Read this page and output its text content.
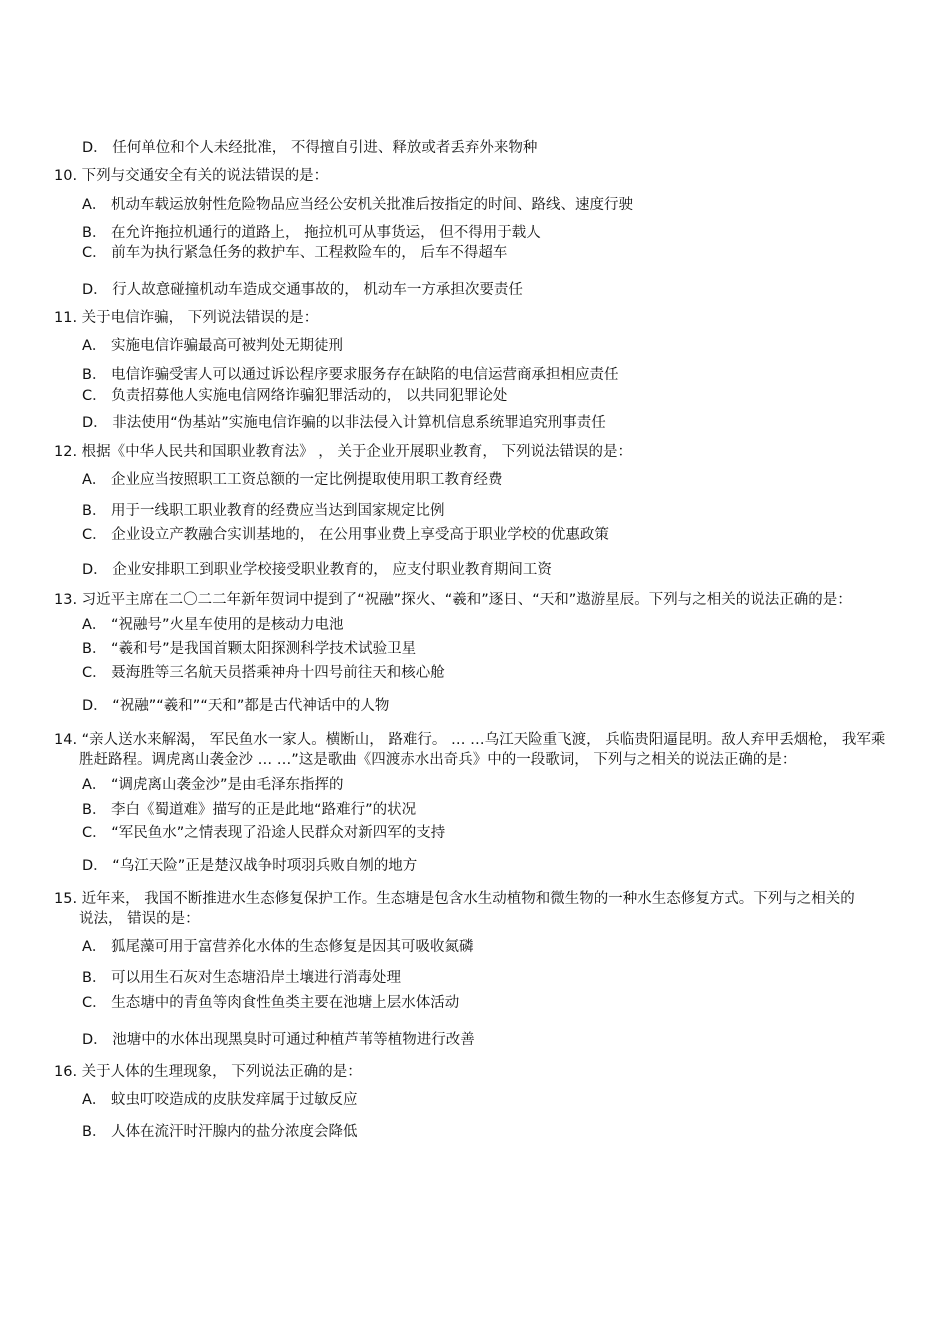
D． 任何单位和个人未经批准， 不得擅自引进、释放或者丢弃外来物种
10. 下列与交通安全有关的说法错误的是：
A． 机动车载运放射性危险物品应当经公安机关批准后按指定的时间、路线、速度行驶
B． 在允许拖拉机通行的道路上， 拖拉机可从事货运， 但不得用于载人
C． 前车为执行紧急任务的救护车、工程救险车的， 后车不得超车
D． 行人故意碰撞机动车造成交通事故的， 机动车一方承担次要责任
11. 关于电信诈骗， 下列说法错误的是：
A． 实施电信诈骗最高可被判处无期徒刑
B． 电信诈骗受害人可以通过诉讼程序要求服务存在缺陷的电信运营商承担相应责任
C． 负责招募他人实施电信网络诈骗犯罪活动的， 以共同犯罪论处
D． 非法使用“伪基站”实施电信诈骗的以非法侵入计算机信息系统罪追究刑事责任
12. 根据《中华人民共和国职业教育法》 ， 关于企业开展职业教育， 下列说法错误的是：
A． 企业应当按照职工工资总额的一定比例提取使用职工教育经费
B． 用于一线职工职业教育的经费应当达到国家规定比例
C． 企业设立产教融合实训基地的， 在公用事业费上享受高于职业学校的优惠政策
D． 企业安排职工到职业学校接受职业教育的， 应支付职业教育期间工资
13. 习近平主席在二〇二二年新年贺词中提到了“祝融”探火、“羲和”逐日、“天和”遨游星辰。下列与之相关的说法正确的是：
A． “祝融号”火星车使用的是核动力电池
B． “羲和号”是我国首颗太阳探测科学技术试验卫星
C． 聂海胜等三名航天员搭乘神舟十四号前往天和核心舱
D． “祝融”“羲和”“天和”都是古代神话中的人物
14. “亲人送水来解渴， 军民鱼水一家人。横断山， 路难行。 … …乌江天险重飞渡， 兵临贵阳逼昆明。敌人弃甲丢烟枪， 我军乘
胜赶路程。调虎离山袭金沙 … …”这是歌曲《四渡赤水出奇兵》中的一段歌词， 下列与之相关的说法正确的是：
A． “调虎离山袭金沙”是由毛泽东指挥的
B． 李白《蜀道难》描写的正是此地“路难行”的状况
C． “军民鱼水”之情表现了沿途人民群众对新四军的支持
D． “乌江天险”正是楚汉战争时项羽兵败自刎的地方
15. 近年来， 我国不断推进水生态修复保护工作。生态塘是包含水生动植物和微生物的一种水生态修复方式。下列与之相关的
说法， 错误的是：
A． 狐尾藻可用于富营养化水体的生态修复是因其可吸收氮磷
B． 可以用生石灰对生态塘沿岸土壤进行消毒处理
C． 生态塘中的青鱼等肉食性鱼类主要在池塘上层水体活动
D． 池塘中的水体出现黑臭时可通过种植芦苇等植物进行改善
16. 关于人体的生理现象， 下列说法正确的是：
A． 蚊虫叮咬造成的皮肤发痒属于过敏反应
B． 人体在流汗时汗腺内的盐分浓度会降低
